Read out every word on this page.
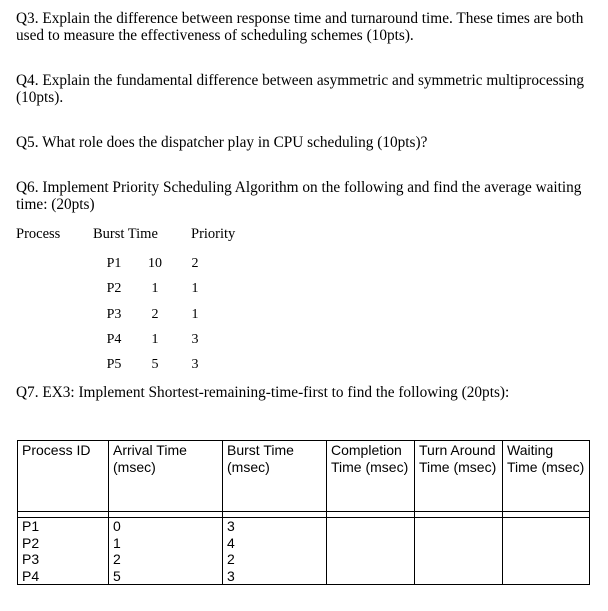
Q3. Explain the difference between response time and turnaround time. These times are both used to measure the effectiveness of scheduling schemes (10pts).
Q4. Explain the fundamental difference between asymmetric and symmetric multiprocessing (10pts).
Q5. What role does the dispatcher play in CPU scheduling (10pts)?
Q6. Implement Priority Scheduling Algorithm on the following and find the average waiting time: (20pts)
Process Burst Time Priority
P1	10	2
P2	1	1
P3	2	1
P4	1	3
P5	5	3
Q7. EX3: Implement Shortest-remaining-time-first to find the following (20pts):
Process ID	Arrival Time (msec)	Burst Time (msec)	Completion Time (msec)	Turn Around Time (msec)	Waiting Time (msec)

P1	0	3			
P2	1	4			
P3	2	2			
P4	5	3			
